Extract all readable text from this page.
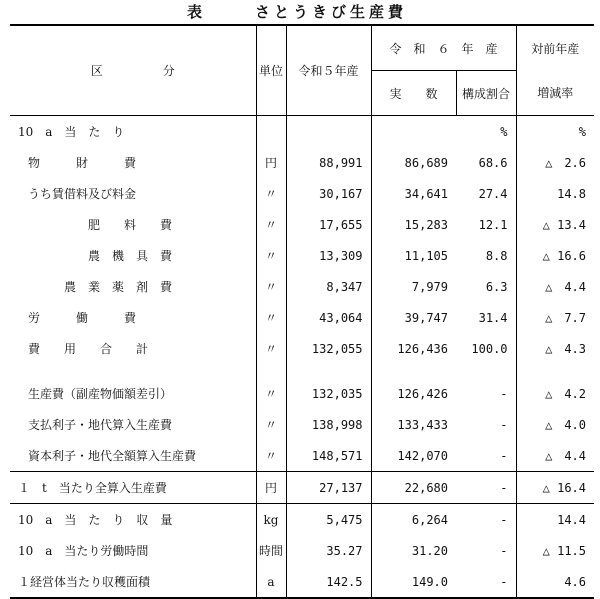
表	さとうきび生産費
区　　　　　分	単位	令和５年産	令　和　６　年　産		対前年産
			実　　数	構成割合	増減率
10　a　当　た　り				%	%
物　　　財　　　費	円	88,991	86,689	68.6	△　2.6
うち賃借料及び料金	〃	30,167	34,641	27.4	14.8
肥　　料　　費	〃	17,655	15,283	12.1	△ 13.4
農　機　具　費	〃	13,309	11,105	8.8	△ 16.6
農　業　薬　剤　費	〃	8,347	7,979	6.3	△　4.4
労　　　働　　　費	〃	43,064	39,747	31.4	△　7.7
費　　用　　合　　計	〃	132,055	126,436	100.0	△　4.3

生産費（副産物価額差引）	〃	132,035	126,426	-	△　4.2
支払利子・地代算入生産費	〃	138,998	133,433	-	△　4.0
資本利子・地代全額算入生産費	〃	148,571	142,070	-	△　4.4
１　t　当たり全算入生産費	円	27,137	22,680	-	△ 16.4
10　a　当　た　り　収　量	kg	5,475	6,264	-	14.4
10　a　当たり労働時間	時間	35.27	31.20	-	△ 11.5
１経営体当たり収穫面積	a	142.5	149.0	-	4.6
